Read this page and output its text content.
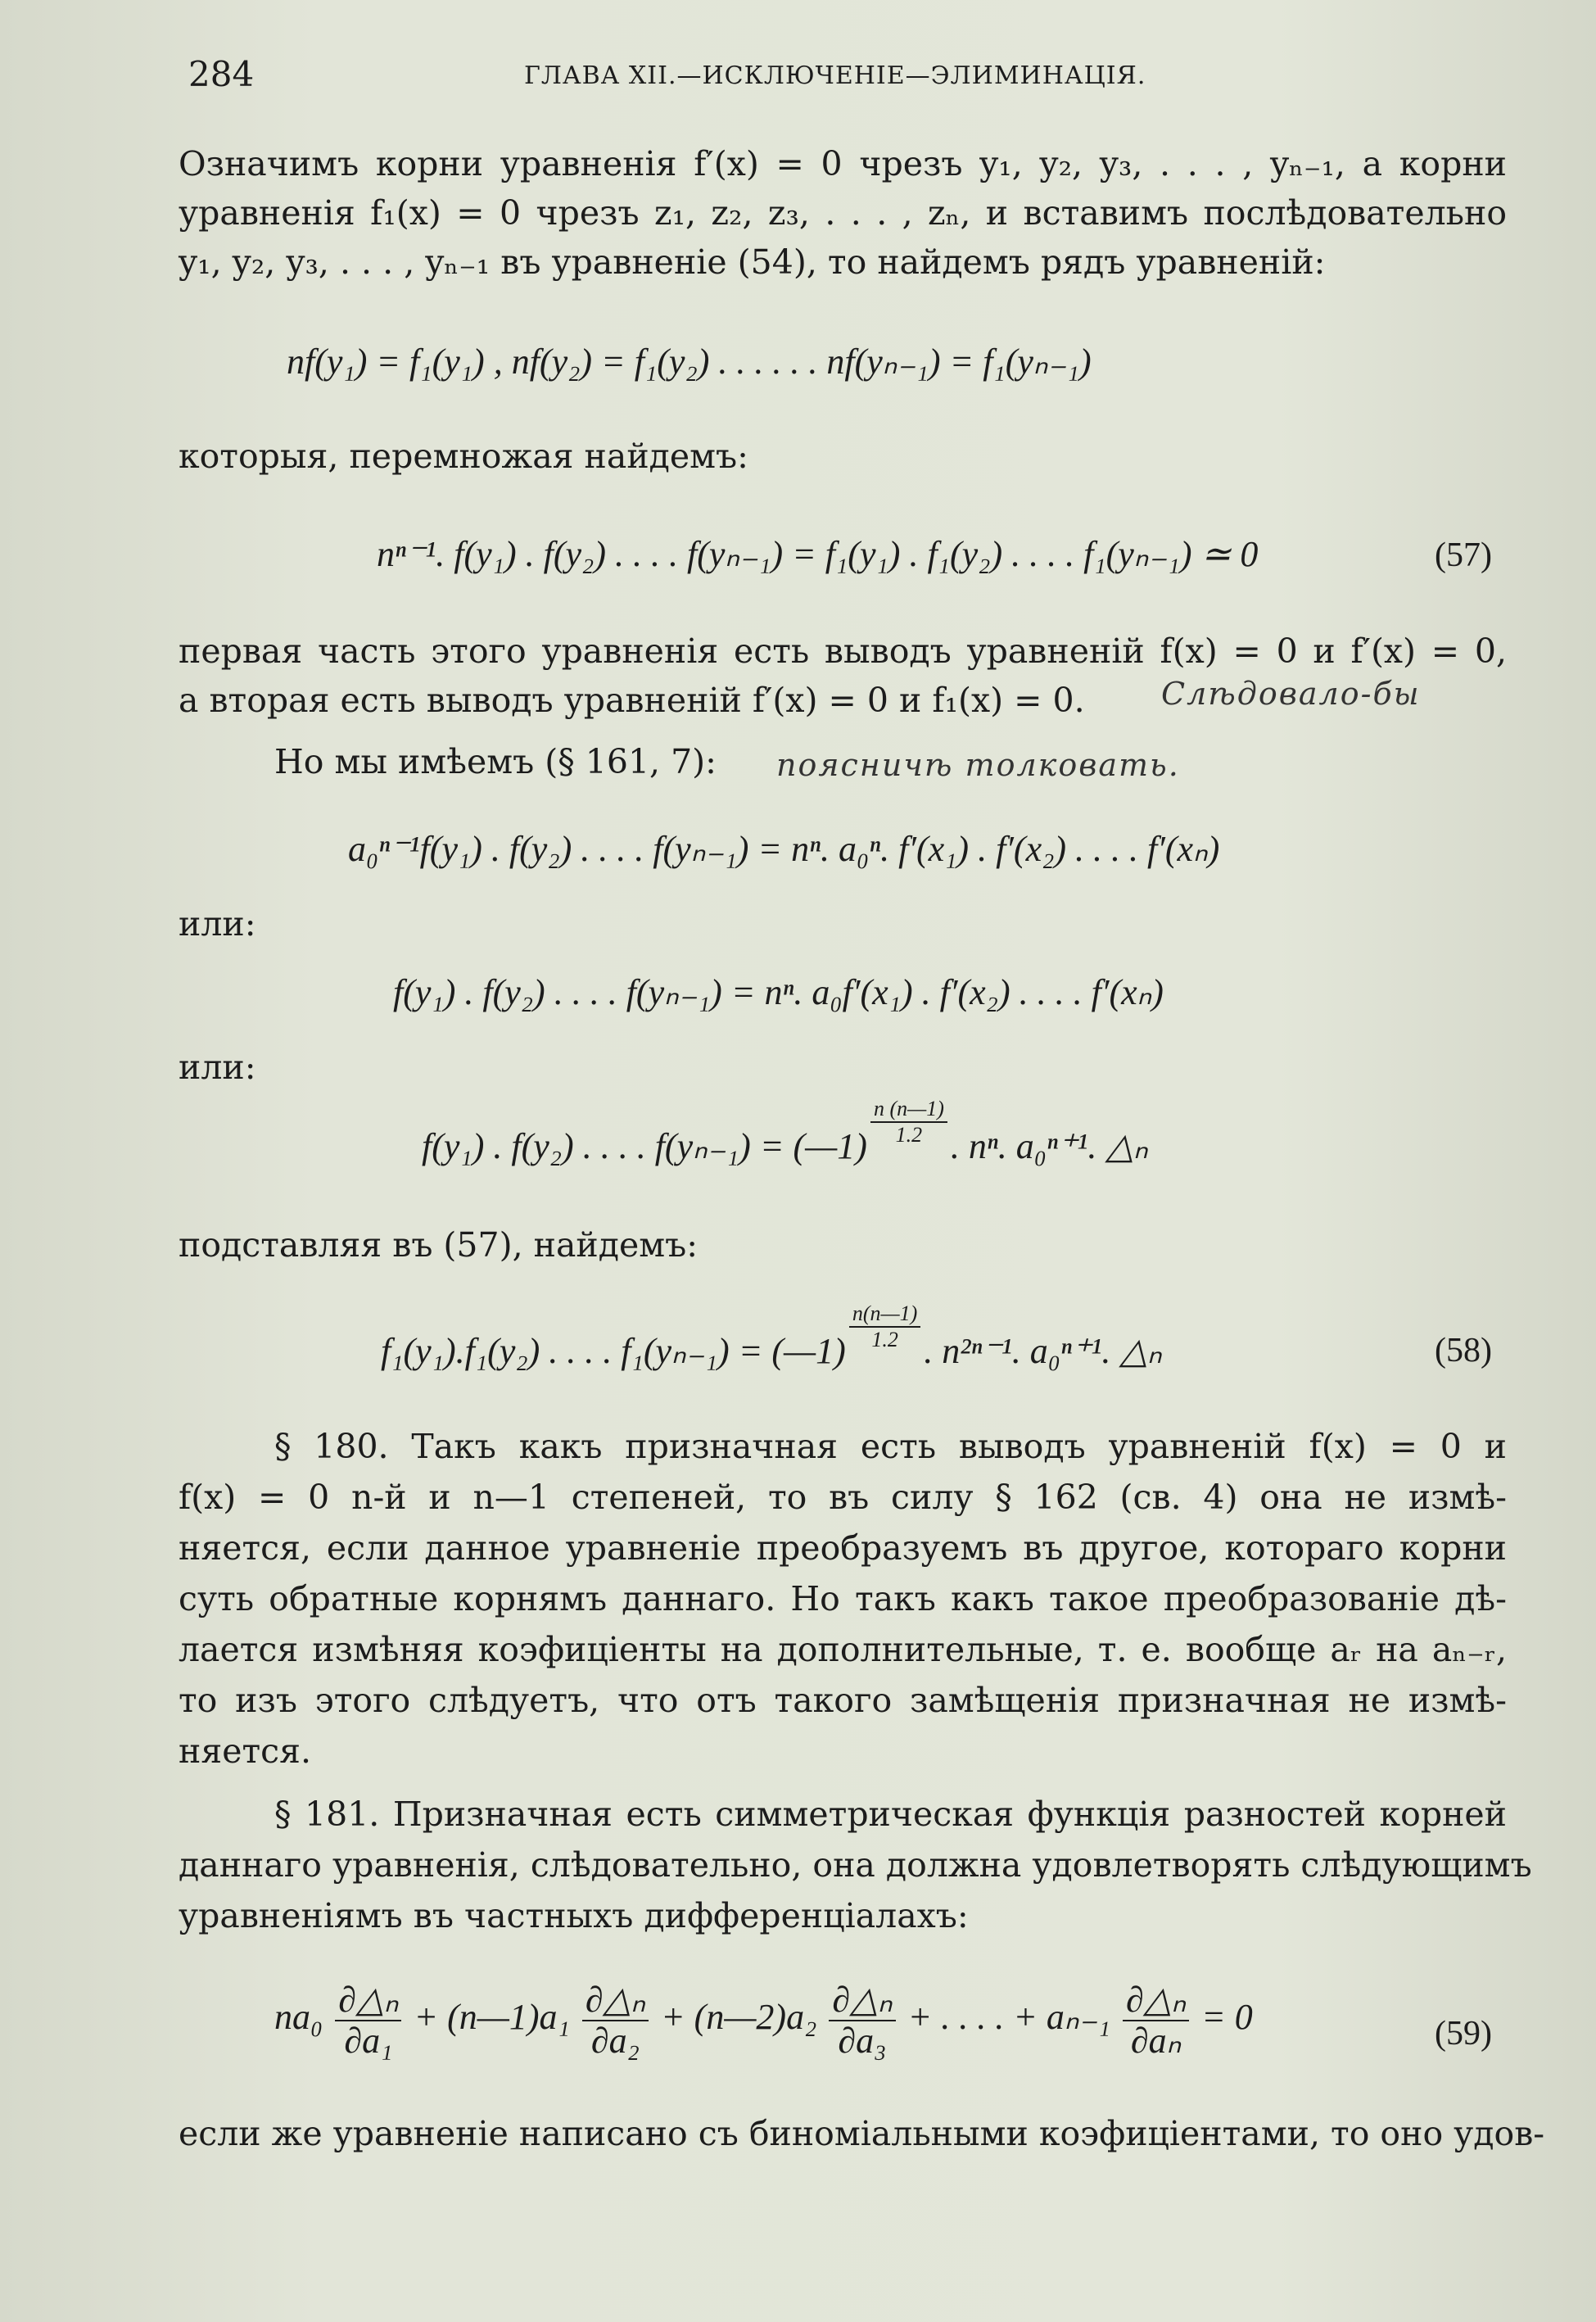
284	ГЛАВА XII.—ИСКЛЮЧЕНІЕ—ЭЛИМИНАЦІЯ.
Означимъ корни уравненія f′(x) = 0 чрезъ y₁, y₂, y₃, . . . , yₙ₋₁, а корни
уравненія f₁(x) = 0 чрезъ z₁, z₂, z₃, . . . , zₙ, и вставимъ послѣдовательно
y₁, y₂, y₃, . . . , yₙ₋₁ въ уравненіе (54), то найдемъ рядъ уравненій:
nf(y₁) = f₁(y₁) , nf(y₂) = f₁(y₂) . . . . . . nf(yₙ₋₁) = f₁(yₙ₋₁)
которыя, перемножая найдемъ:
nⁿ⁻¹. f(y₁) . f(y₂) . . . . f(yₙ₋₁) = f₁(y₁) . f₁(y₂) . . . . f₁(yₙ₋₁) ≃ 0	(57)
первая часть этого уравненія есть выводъ уравненій f(x) = 0 и f′(x) = 0,
а вторая есть выводъ уравненій f′(x) = 0 и f₁(x) = 0. Слѣдовало-бы
Но мы имѣемъ (§ 161, 7): поясничѣ толковать.
a₀ⁿ⁻¹f(y₁) . f(y₂) . . . . f(yₙ₋₁) = nⁿ. a₀ⁿ. f′(x₁) . f′(x₂) . . . . f′(xₙ)
или:
f(y₁) . f(y₂) . . . . f(yₙ₋₁) = nⁿ. a₀f′(x₁) . f′(x₂) . . . . f′(xₙ)
или:
f(y₁) . f(y₂) . . . . f(yₙ₋₁) = (—1)
$\frac{n (n—1)}{1.2}$
. nⁿ. a₀ⁿ⁺¹. △ₙ
подставляя въ (57), найдемъ:
f₁(y₁).f₁(y₂) . . . . f₁(yₙ₋₁) = (—1)
$\frac{n(n—1)}{1.2}$
. n²ⁿ⁻¹. a₀ⁿ⁺¹. △ₙ	(58)
§ 180. Такъ какъ призначная есть выводъ уравненій f(x) = 0 и
f(x) = 0 n-й и n—1 степеней, то въ силу § 162 (св. 4) она не измѣ-
няется, если данное уравненіе преобразуемъ въ другое, котораго корни
суть обратные корнямъ даннаго. Но такъ какъ такое преобразованіе дѣ-
лается измѣняя коэфиціенты на дополнительные, т. е. вообще aᵣ на aₙ₋ᵣ,
то изъ этого слѣдуетъ, что отъ такого замѣщенія призначная не измѣ-
няется.
§ 181. Призначная есть симметрическая функція разностей корней
даннаго уравненія, слѣдовательно, она должна удовлетворять слѣдующимъ
уравненіямъ въ частныхъ дифференціалахъ:
$na_0 \frac{\text{∂△ₙ}}{\text{∂a₁}}$ + (n—1)a₁ $\frac{\text{∂△ₙ}}{\text{∂a₂}}$ + (n—2)a₂ $\frac{\text{∂△ₙ}}{\text{∂a₃}}$ + . . . . + $a_{n-1} \frac{\text{∂△ₙ}}{\text{∂aₙ}} = 0$	(59)
если же уравненіе написано съ биноміальными коэфиціентами, то оно удов-
